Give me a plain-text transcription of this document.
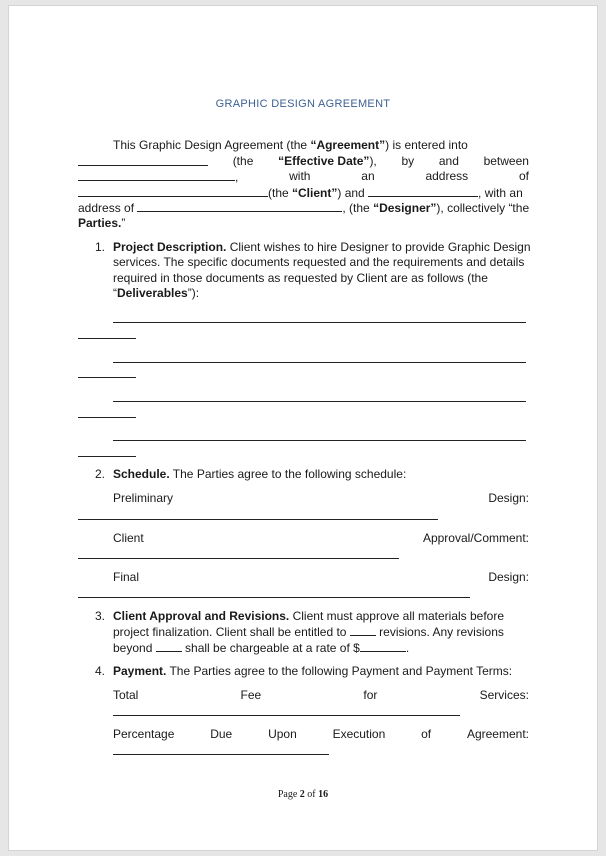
GRAPHIC DESIGN AGREEMENT
This Graphic Design Agreement (the “Agreement”) is entered into
(the “Effective Date”), by and between
,	with	an	address	of
(the “Client”) and	, with an
address of	, (the “Designer”), collectively “the
Parties.”
1. Project Description. Client wishes to hire Designer to provide Graphic Design
services. The specific documents requested and the requirements and details
required in those documents as requested by Client are as follows (the
“Deliverables”):
2. Schedule. The Parties agree to the following schedule:
Preliminary	Design:
Client	Approval/Comment:
Final	Design:
3. Client Approval and Revisions. Client must approve all materials before
project finalization. Client shall be entitled to  revisions. Any revisions
beyond  shall be chargeable at a rate of $	.
4. Payment. The Parties agree to the following Payment and Payment Terms:
Total	Fee	for	Services:
Percentage	Due	Upon	Execution	of	Agreement:
Page 2 of 16
